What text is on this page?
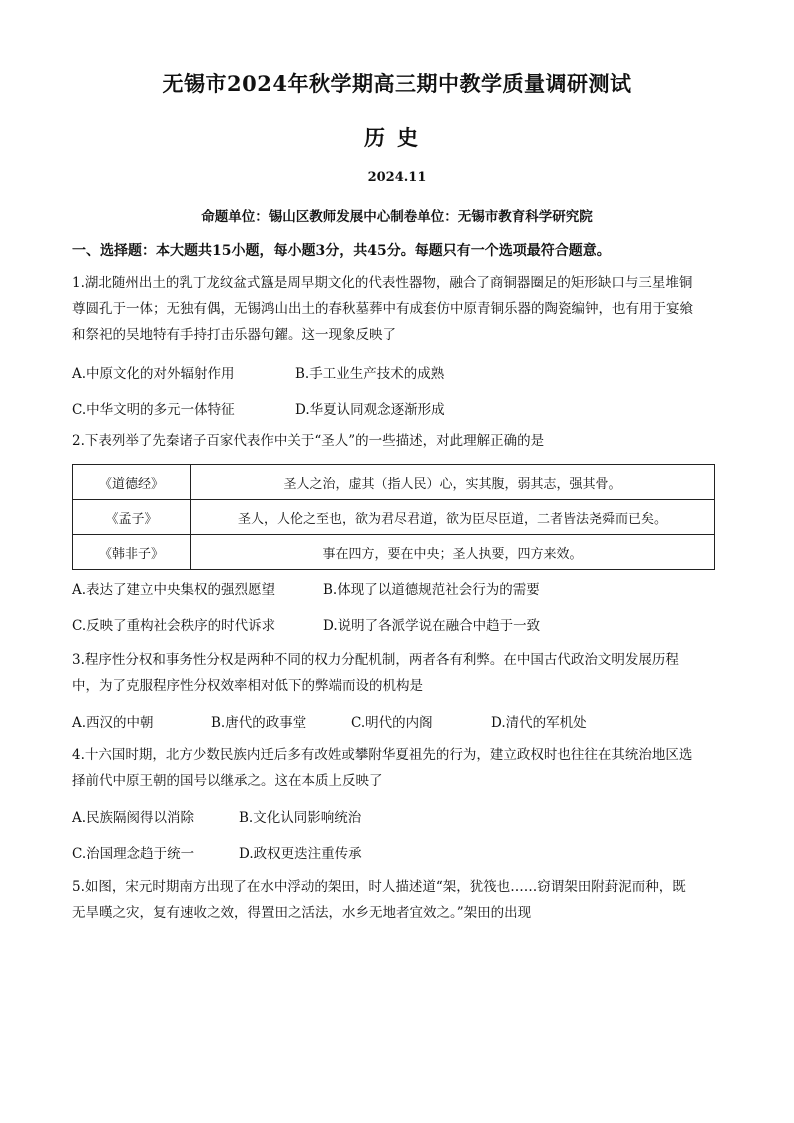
无锡市2024年秋学期高三期中教学质量调研测试
历史
2024.11
命题单位：锡山区教师发展中心制卷单位：无锡市教育科学研究院
一、选择题：本大题共15小题，每小题3分，共45分。每题只有一个选项最符合题意。
1.湖北随州出土的乳丁龙纹盆式簋是周早期文化的代表性器物，融合了商铜器圈足的矩形缺口与三星堆铜
尊圆孔于一体；无独有偶，无锡鸿山出土的春秋墓葬中有成套仿中原青铜乐器的陶瓷编钟，也有用于宴飨
和祭祀的吴地特有手持打击乐器句鑃。这一现象反映了
A.中原文化的对外辐射作用	B.手工业生产技术的成熟
C.中华文明的多元一体特征	D.华夏认同观念逐渐形成
2.下表列举了先秦诸子百家代表作中关于“圣人”的一些描述，对此理解正确的是
《道德经》	圣人之治，虚其（指人民）心，实其腹，弱其志，强其骨。
《孟子》	圣人，人伦之至也，欲为君尽君道，欲为臣尽臣道，二者皆法尧舜而已矣。
《韩非子》	事在四方，要在中央；圣人执要，四方来效。
A.表达了建立中央集权的强烈愿望	B.体现了以道德规范社会行为的需要
C.反映了重构社会秩序的时代诉求	D.说明了各派学说在融合中趋于一致
3.程序性分权和事务性分权是两种不同的权力分配机制，两者各有利弊。在中国古代政治文明发展历程
中，为了克服程序性分权效率相对低下的弊端而设的机构是
A.西汉的中朝	B.唐代的政事堂	C.明代的内阁	D.清代的军机处
4.十六国时期，北方少数民族内迁后多有改姓或攀附华夏祖先的行为，建立政权时也往往在其统治地区选
择前代中原王朝的国号以继承之。这在本质上反映了
A.民族隔阂得以消除	B.文化认同影响统治
C.治国理念趋于统一	D.政权更迭注重传承
5.如图，宋元时期南方出现了在水中浮动的架田，时人描述道“架，犹筏也……窃谓架田附葑泥而种，既
无旱暵之灾，复有速收之效，得置田之活法，水乡无地者宜效之。”架田的出现
